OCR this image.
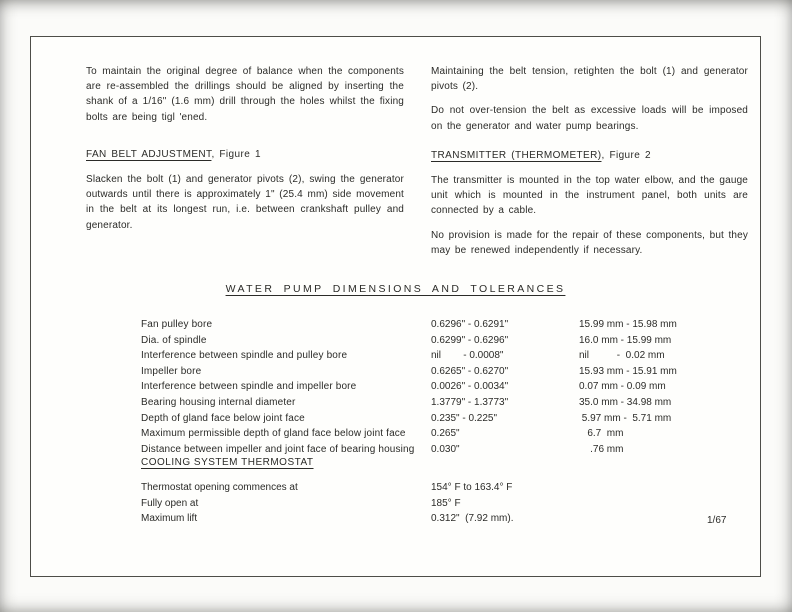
To maintain the original degree of balance when the components are re-assembled the drillings should be aligned by inserting the shank of a 1/16" (1.6 mm) drill through the holes whilst the fixing bolts are being tigl 'ened.

FAN BELT ADJUSTMENT, Figure 1

Slacken the bolt (1) and generator pivots (2), swing the generator outwards until there is approximately 1" (25.4 mm) side movement in the belt at its longest run, i.e. between crankshaft pulley and generator.

Maintaining the belt tension, retighten the bolt (1) and generator pivots (2).

Do not over-tension the belt as excessive loads will be imposed on the generator and water pump bearings.

TRANSMITTER (THERMOMETER), Figure 2

The transmitter is mounted in the top water elbow, and the gauge unit which is mounted in the instrument panel, both units are connected by a cable.

No provision is made for the repair of these components, but they may be renewed independently if necessary.

WATER PUMP DIMENSIONS AND TOLERANCES
Fan pulley bore	0.6296" - 0.6291"	15.99 mm - 15.98 mm
Dia. of spindle	0.6299" - 0.6296"	16.0 mm - 15.99 mm
Interference between spindle and pulley bore	nil        - 0.0008"	nil          -  0.02 mm
Impeller bore	0.6265" - 0.6270"	15.93 mm - 15.91 mm
Interference between spindle and impeller bore	0.0026" - 0.0034"	0.07 mm - 0.09 mm
Bearing housing internal diameter	1.3779" - 1.3773"	35.0 mm - 34.98 mm
Depth of gland face below joint face	0.235" - 0.225"	5.97 mm -  5.71 mm
Maximum permissible depth of gland face below joint face	0.265"	6.7  mm
Distance between impeller and joint face of bearing housing	0.030"	.76 mm
COOLING SYSTEM THERMOSTAT
Thermostat opening commences at	154° F to 163.4° F
Fully open at	185° F
Maximum lift	0.312"  (7.92 mm).	1/67
